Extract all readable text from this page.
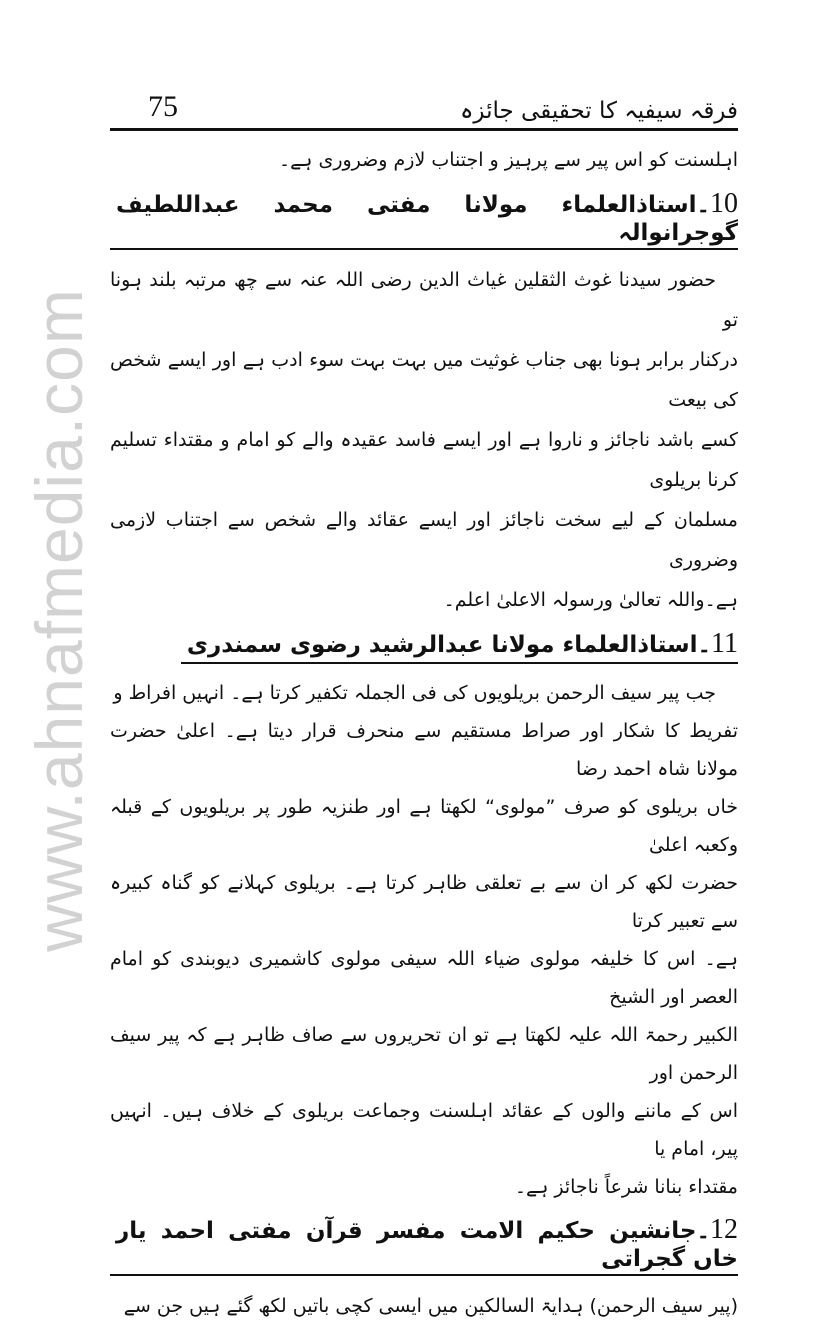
www.ahnafmedia.com
75	فرقہ سیفیہ کا تحقیقی جائزہ

اہلسنت کو اس پیر سے پرہیز و اجتناب لازم وضروری ہے۔

10۔استاذالعلماء مولانا مفتی محمد عبداللطیف گوجرانوالہ

حضور سیدنا غوث الثقلین غیاث الدین رضی اللہ عنہ سے چھ مرتبہ بلند ہونا تو

درکنار برابر ہونا بھی جناب غوثیت میں بہت بہت سوء ادب ہے اور ایسے شخص کی بیعت

کسے باشد ناجائز و ناروا ہے اور ایسے فاسد عقیدہ والے کو امام و مقتداء تسلیم کرنا بریلوی

مسلمان کے لیے سخت ناجائز اور ایسے عقائد والے شخص سے اجتناب لازمی وضروری

ہے۔واللہ تعالیٰ ورسولہ الاعلیٰ اعلم۔

11۔استاذالعلماء مولانا عبدالرشید رضوی سمندری

جب پیر سیف الرحمن بریلویوں کی فی الجملہ تکفیر کرتا ہے۔ انہیں افراط و

تفریط کا شکار اور صراط مستقیم سے منحرف قرار دیتا ہے۔ اعلیٰ حضرت مولانا شاہ احمد رضا

خاں بریلوی کو صرف ”مولوی“ لکھتا ہے اور طنزیہ طور پر بریلویوں کے قبلہ وکعبہ اعلیٰ

حضرت لکھ کر ان سے بے تعلقی ظاہر کرتا ہے۔ بریلوی کہلانے کو گناہ کبیرہ سے تعبیر کرتا

ہے۔ اس کا خلیفہ مولوی ضیاء اللہ سیفی مولوی کاشمیری دیوبندی کو امام العصر اور الشیخ

الکبیر رحمۃ اللہ علیہ لکھتا ہے تو ان تحریروں سے صاف ظاہر ہے کہ پیر سیف الرحمن اور

اس کے ماننے والوں کے عقائد اہلسنت وجماعت بریلوی کے خلاف ہیں۔ انہیں پیر، امام یا

مقتداء بنانا شرعاً ناجائز ہے۔

12۔جانشین حکیم الامت مفسر قرآن مفتی احمد یار خاں گجراتی

(پیر سیف الرحمن) ہدایۃ السالکین میں ایسی کچی باتیں لکھ گئے ہیں جن سے
